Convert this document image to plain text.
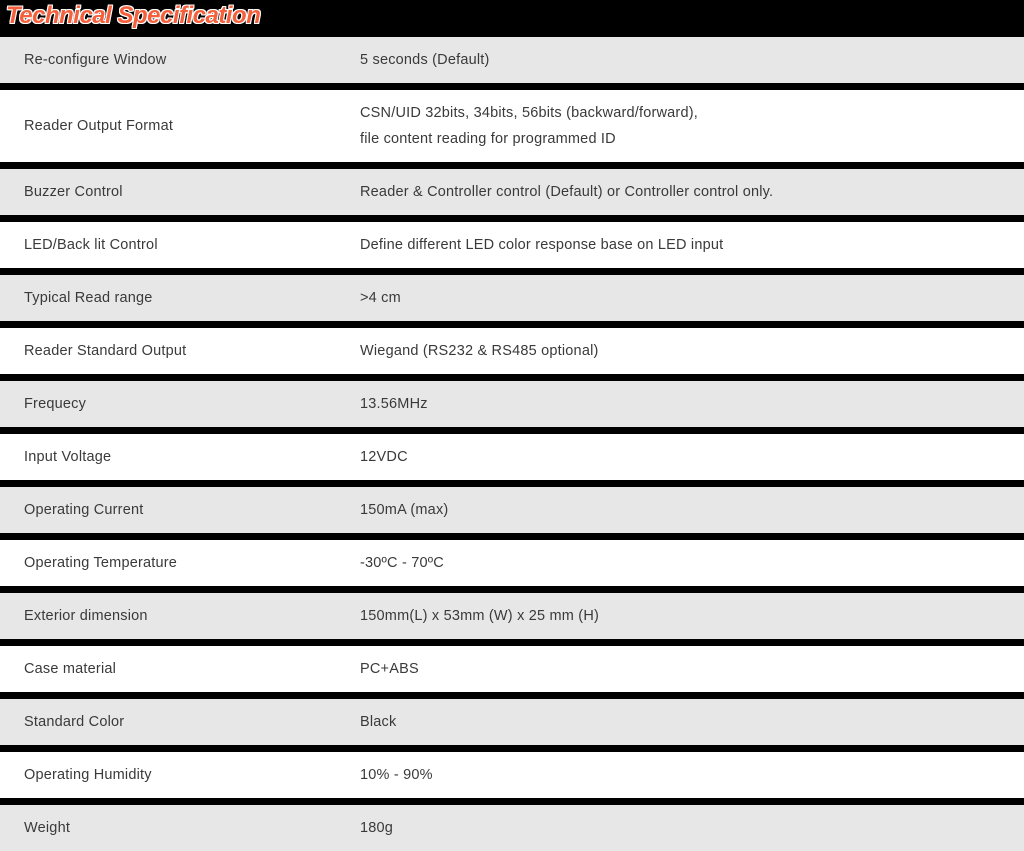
Technical Specification
Re-configure Window	5 seconds (Default)

Reader Output Format	CSN/UID 32bits, 34bits, 56bits (backward/forward),
file content reading for programmed ID

Buzzer Control	Reader & Controller control (Default) or Controller control only.

LED/Back lit Control	Define different LED color response base on LED input

Typical Read range	>4 cm

Reader Standard Output	Wiegand (RS232 & RS485 optional)

Frequecy	13.56MHz

Input Voltage	12VDC

Operating Current	150mA (max)

Operating Temperature	-30ºC - 70ºC

Exterior dimension	150mm(L) x 53mm (W) x 25 mm (H)

Case material	PC+ABS

Standard Color	Black

Operating Humidity	10% - 90%

Weight	180g
